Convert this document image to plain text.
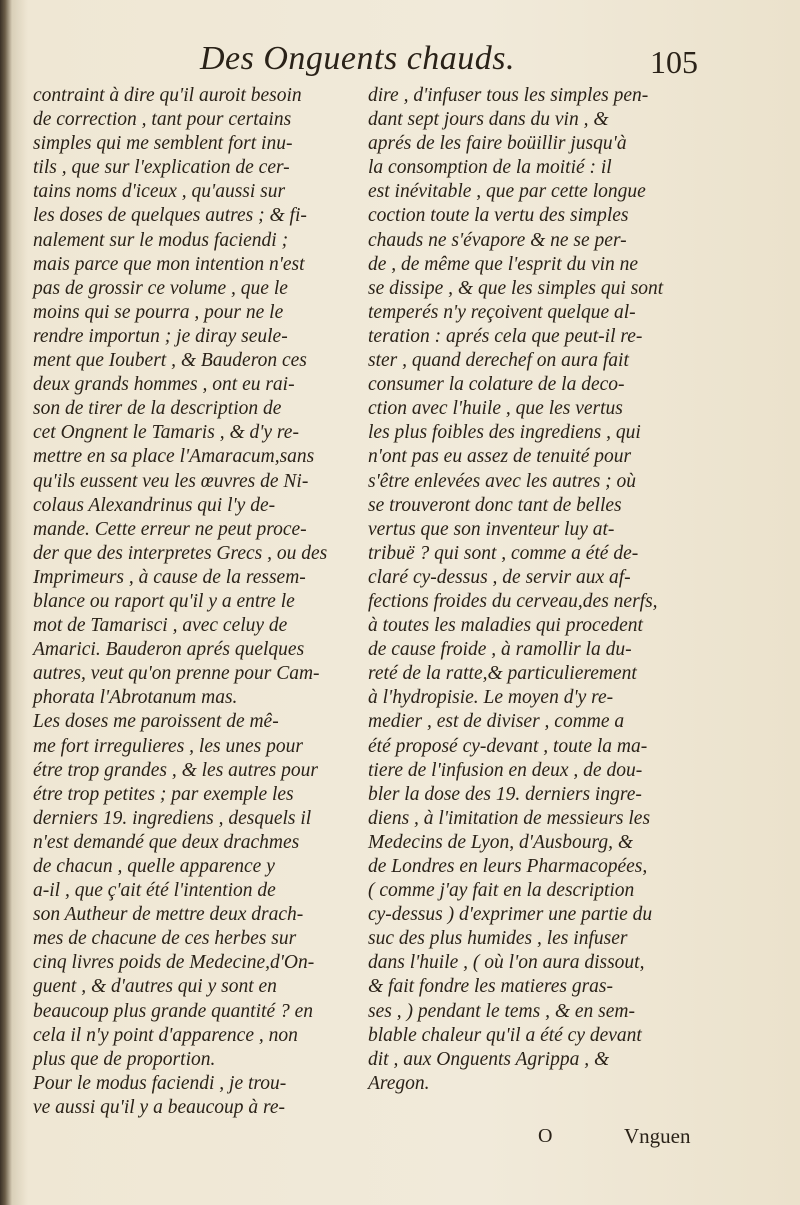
Des Onguents chauds.	105
contraint à dire qu'il auroit besoin
de correction , tant pour certains
simples qui me semblent fort inu-
tils , que sur l'explication de cer-
tains noms d'iceux , qu'aussi sur
les doses de quelques autres ; & fi-
nalement sur le modus faciendi ;
mais parce que mon intention n'est
pas de grossir ce volume , que le
moins qui se pourra , pour ne le
rendre importun ; je diray seule-
ment que Ioubert , & Bauderon ces
deux grands hommes , ont eu rai-
son de tirer de la description de
cet Ongnent le Tamaris , & d'y re-
mettre en sa place l'Amaracum,sans
qu'ils eussent veu les œuvres de Ni-
colaus Alexandrinus qui l'y de-
mande. Cette erreur ne peut proce-
der que des interpretes Grecs , ou des
Imprimeurs , à cause de la ressem-
blance ou raport qu'il y a entre le
mot de Tamarisci , avec celuy de
Amarici. Bauderon aprés quelques
autres, veut qu'on prenne pour Cam-
phorata l'Abrotanum mas.
Les doses me paroissent de mê-
me fort irregulieres , les unes pour
étre trop grandes , & les autres pour
étre trop petites ; par exemple les
derniers 19. ingrediens , desquels il
n'est demandé que deux drachmes
de chacun , quelle apparence y
a-il , que ç'ait été l'intention de
son Autheur de mettre deux drach-
mes de chacune de ces herbes sur
cinq livres poids de Medecine,d'On-
guent , & d'autres qui y sont en
beaucoup plus grande quantité ? en
cela il n'y point d'apparence , non
plus que de proportion.
Pour le modus faciendi , je trou-
ve aussi qu'il y a beaucoup à re-
dire , d'infuser tous les simples pen-
dant sept jours dans du vin , &
aprés de les faire boüillir jusqu'à
la consomption de la moitié : il
est inévitable , que par cette longue
coction toute la vertu des simples
chauds ne s'évapore & ne se per-
de , de même que l'esprit du vin ne
se dissipe , & que les simples qui sont
temperés n'y reçoivent quelque al-
teration : aprés cela que peut-il re-
ster , quand derechef on aura fait
consumer la colature de la deco-
ction avec l'huile , que les vertus
les plus foibles des ingrediens , qui
n'ont pas eu assez de tenuité pour
s'être enlevées avec les autres ; où
se trouveront donc tant de belles
vertus que son inventeur luy at-
tribuë ? qui sont , comme a été de-
claré cy-dessus , de servir aux af-
fections froides du cerveau,des nerfs,
à toutes les maladies qui procedent
de cause froide , à ramollir la du-
reté de la ratte,& particulierement
à l'hydropisie. Le moyen d'y re-
medier , est de diviser , comme a
été proposé cy-devant , toute la ma-
tiere de l'infusion en deux , de dou-
bler la dose des 19. derniers ingre-
diens , à l'imitation de messieurs les
Medecins de Lyon, d'Ausbourg, &
de Londres en leurs Pharmacopées,
( comme j'ay fait en la description
cy-dessus ) d'exprimer une partie du
suc des plus humides , les infuser
dans l'huile , ( où l'on aura dissout,
& fait fondre les matieres gras-
ses , ) pendant le tems , & en sem-
blable chaleur qu'il a été cy devant
dit , aux Onguents Agrippa , &
Aregon.
O	Vnguen
